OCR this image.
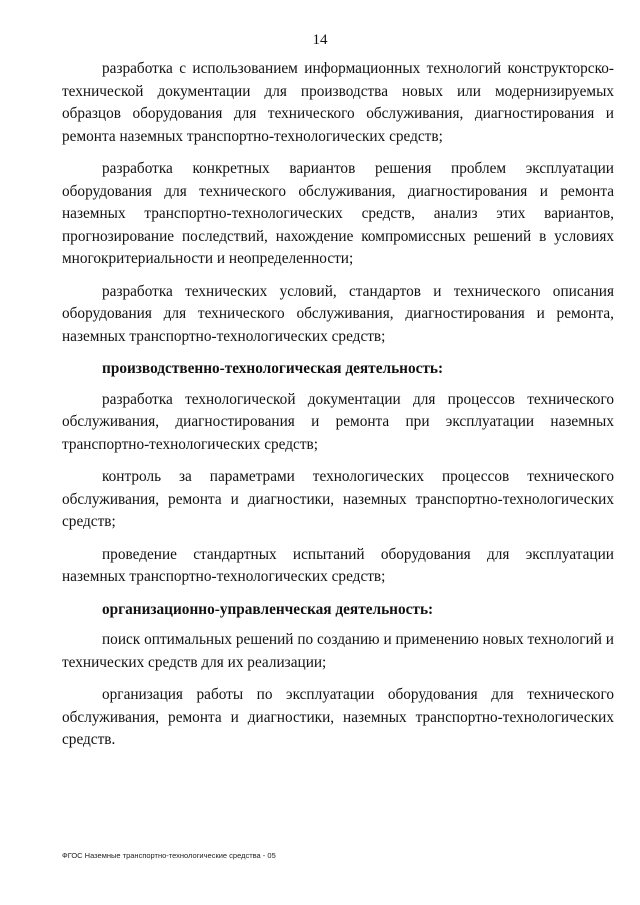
14

разработка с использованием информационных технологий конструкторско-технической документации для производства новых или модернизируемых образцов оборудования для технического обслуживания, диагностирования и ремонта наземных транспортно-технологических средств;

разработка конкретных вариантов решения проблем эксплуатации оборудования для технического обслуживания, диагностирования и ремонта наземных транспортно-технологических средств, анализ этих вариантов, прогнозирование последствий, нахождение компромиссных решений в условиях многокритериальности и неопределенности;

разработка технических условий, стандартов и технического описания оборудования для технического обслуживания, диагностирования и ремонта, наземных транспортно-технологических средств;

производственно-технологическая деятельность:

разработка технологической документации для процессов технического обслуживания, диагностирования и ремонта при эксплуатации наземных транспортно-технологических средств;

контроль за параметрами технологических процессов технического обслуживания, ремонта и диагностики, наземных транспортно-технологических средств;

проведение стандартных испытаний оборудования для эксплуатации наземных транспортно-технологических средств;

организационно-управленческая деятельность:

поиск оптимальных решений по созданию и применению новых технологий и технических средств для их реализации;

организация работы по эксплуатации оборудования для технического обслуживания, ремонта и диагностики, наземных транспортно-технологических средств.

ФГОС Наземные транспортно-технологические средства - 05
